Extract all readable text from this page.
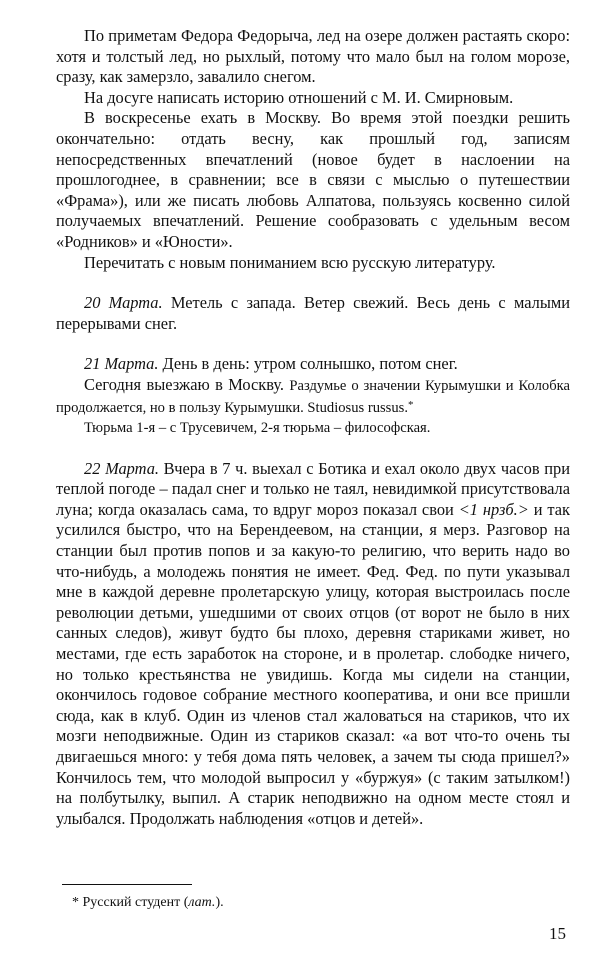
По приметам Федора Федорыча, лед на озере должен растаять скоро: хотя и толстый лед, но рыхлый, потому что мало был на голом морозе, сразу, как замерзло, завалило снегом.

На досуге написать историю отношений с М. И. Смирновым.

В воскресенье ехать в Москву. Во время этой поездки решить окончательно: отдать весну, как прошлый год, записям непосредственных впечатлений (новое будет в наслоении на прошлогоднее, в сравнении; все в связи с мыслью о путешествии «Фрама»), или же писать любовь Алпатова, пользуясь косвенно силой получаемых впечатлений. Решение сообразовать с удельным весом «Родников» и «Юности».

Перечитать с новым пониманием всю русскую литературу.

20 Марта. Метель с запада. Ветер свежий. Весь день с малыми перерывами снег.

21 Марта. День в день: утром солнышко, потом снег.

Сегодня выезжаю в Москву. Раздумье о значении Курымушки и Колобка продолжается, но в пользу Курымушки. Studiosus russus.*

Тюрьма 1-я – с Трусевичем, 2-я тюрьма – философская.

22 Марта. Вчера в 7 ч. выехал с Ботика и ехал около двух часов при теплой погоде – падал снег и только не таял, невидимкой присутствовала луна; когда оказалась сама, то вдруг мороз показал свои <1 нрзб.> и так усилился быстро, что на Берендеевом, на станции, я мерз. Разговор на станции был против попов и за какую-то религию, что верить надо во что-нибудь, а молодежь понятия не имеет. Фед. Фед. по пути указывал мне в каждой деревне пролетарскую улицу, которая выстроилась после революции детьми, ушедшими от своих отцов (от ворот не было в них санных следов), живут будто бы плохо, деревня стариками живет, но местами, где есть заработок на стороне, и в пролетар. слободке ничего, но только крестьянства не увидишь. Когда мы сидели на станции, окончилось годовое собрание местного кооператива, и они все пришли сюда, как в клуб. Один из членов стал жаловаться на стариков, что их мозги неподвижные. Один из стариков сказал: «а вот что-то очень ты двигаешься много: у тебя дома пять человек, а зачем ты сюда пришел?» Кончилось тем, что молодой выпросил у «буржуя» (с таким затылком!) на полбутылку, выпил. А старик неподвижно на одном месте стоял и улыбался. Продолжать наблюдения «отцов и детей».

* Русский студент (лат.).

15
